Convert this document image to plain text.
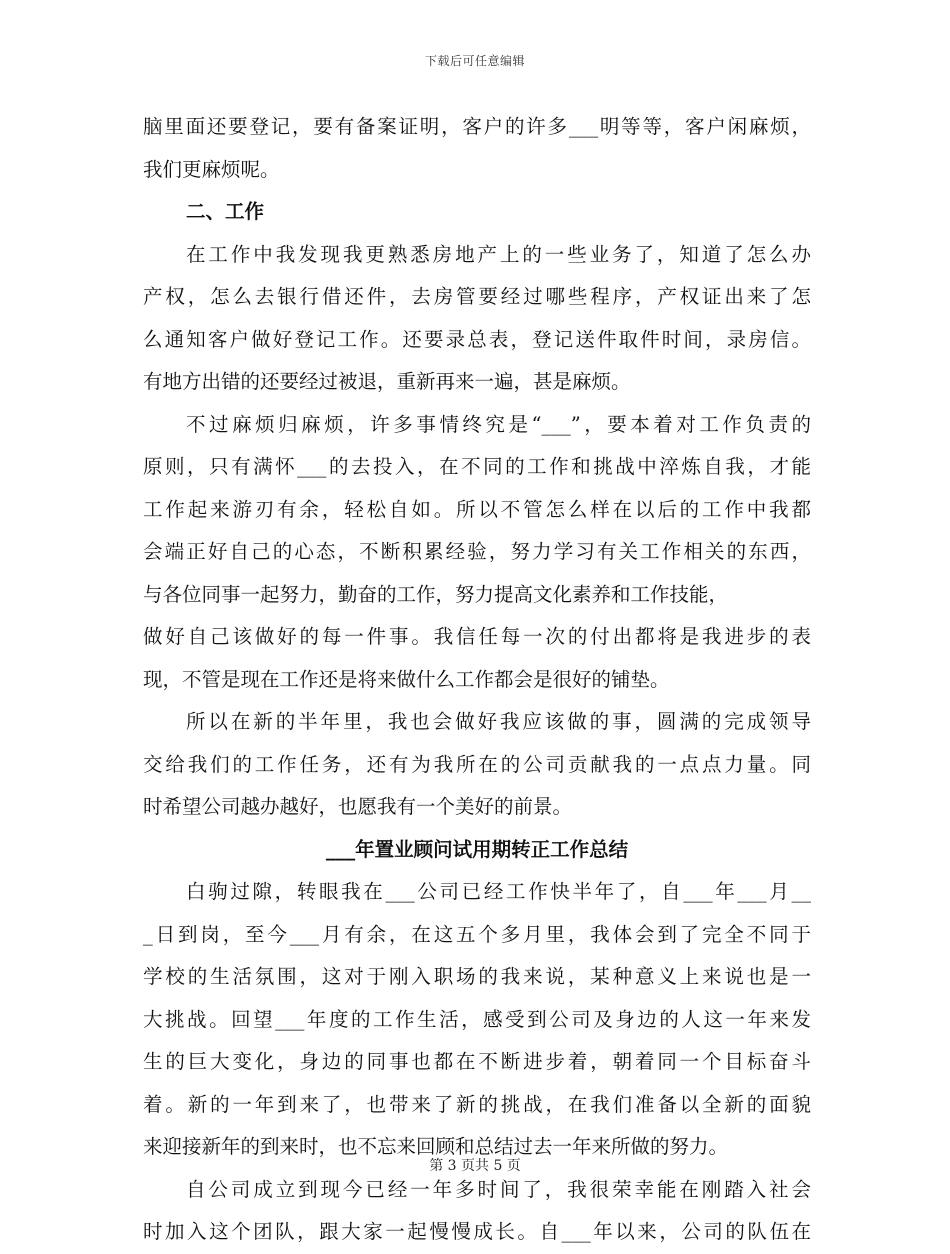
下载后可任意编辑
脑里面还要登记，要有备案证明，客户的许多___明等等，客户闲麻烦，
我们更麻烦呢。
二、工作
在工作中我发现我更熟悉房地产上的一些业务了，知道了怎么办
产权，怎么去银行借还件，去房管要经过哪些程序，产权证出来了怎
么通知客户做好登记工作。还要录总表，登记送件取件时间，录房信。
有地方出错的还要经过被退，重新再来一遍，甚是麻烦。
不过麻烦归麻烦，许多事情终究是“___”，要本着对工作负责的
原则，只有满怀___的去投入，在不同的工作和挑战中淬炼自我，才能
工作起来游刃有余，轻松自如。所以不管怎么样在以后的工作中我都
会端正好自己的心态，不断积累经验，努力学习有关工作相关的东西，
与各位同事一起努力，勤奋的工作，努力提高文化素养和工作技能，
做好自己该做好的每一件事。我信任每一次的付出都将是我进步的表
现，不管是现在工作还是将来做什么工作都会是很好的铺垫。
所以在新的半年里，我也会做好我应该做的事，圆满的完成领导
交给我们的工作任务，还有为我所在的公司贡献我的一点点力量。同
时希望公司越办越好，也愿我有一个美好的前景。
___年置业顾问试用期转正工作总结
白驹过隙，转眼我在___公司已经工作快半年了，自___年___月__
_日到岗，至今___月有余，在这五个多月里，我体会到了完全不同于
学校的生活氛围，这对于刚入职场的我来说，某种意义上来说也是一
大挑战。回望___年度的工作生活，感受到公司及身边的人这一年来发
生的巨大变化，身边的同事也都在不断进步着，朝着同一个目标奋斗
着。新的一年到来了，也带来了新的挑战，在我们准备以全新的面貌
来迎接新年的到来时，也不忘来回顾和总结过去一年来所做的努力。
自公司成立到现今已经一年多时间了，我很荣幸能在刚踏入社会
时加入这个团队，跟大家一起慢慢成长。自___年以来，公司的队伍在
第 3 页共 5 页
